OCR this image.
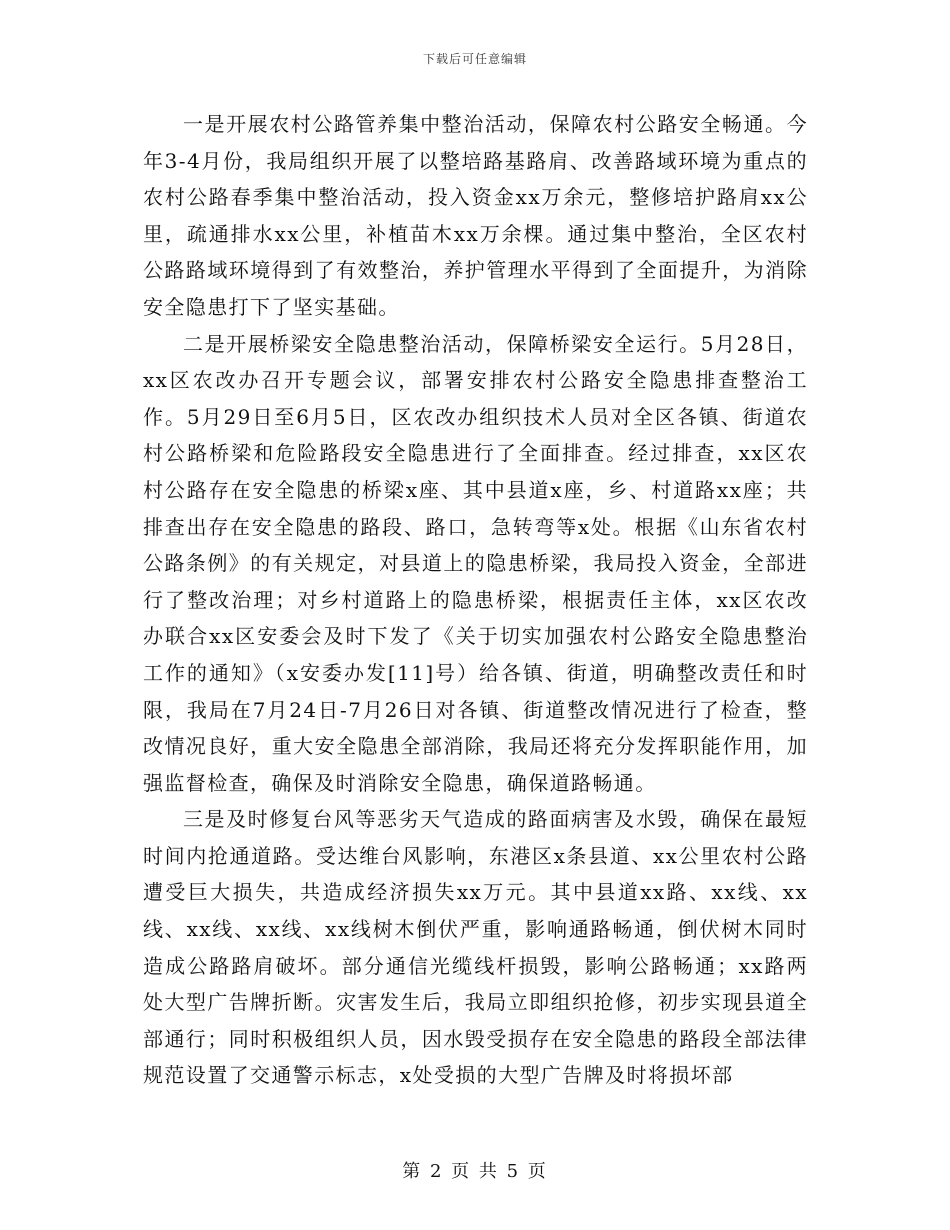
下载后可任意编辑

一是开展农村公路管养集中整治活动，保障农村公路安全畅通。今年3-4月份，我局组织开展了以整培路基路肩、改善路域环境为重点的农村公路春季集中整治活动，投入资金xx万余元，整修培护路肩xx公里，疏通排水xx公里，补植苗木xx万余棵。通过集中整治，全区农村公路路域环境得到了有效整治，养护管理水平得到了全面提升，为消除安全隐患打下了坚实基础。

二是开展桥梁安全隐患整治活动，保障桥梁安全运行。5月28日，xx区农改办召开专题会议，部署安排农村公路安全隐患排查整治工作。5月29日至6月5日，区农改办组织技术人员对全区各镇、街道农村公路桥梁和危险路段安全隐患进行了全面排查。经过排查，xx区农村公路存在安全隐患的桥梁x座、其中县道x座，乡、村道路xx座；共排查出存在安全隐患的路段、路口，急转弯等x处。根据《山东省农村公路条例》的有关规定，对县道上的隐患桥梁，我局投入资金，全部进行了整改治理；对乡村道路上的隐患桥梁，根据责任主体，xx区农改办联合xx区安委会及时下发了《关于切实加强农村公路安全隐患整治工作的通知》（x安委办发[11]号）给各镇、街道，明确整改责任和时限，我局在7月24日-7月26日对各镇、街道整改情况进行了检查，整改情况良好，重大安全隐患全部消除，我局还将充分发挥职能作用，加强监督检查，确保及时消除安全隐患，确保道路畅通。

三是及时修复台风等恶劣天气造成的路面病害及水毁，确保在最短时间内抢通道路。受达维台风影响，东港区x条县道、xx公里农村公路遭受巨大损失，共造成经济损失xx万元。其中县道xx路、xx线、xx线、xx线、xx线、xx线树木倒伏严重，影响通路畅通，倒伏树木同时造成公路路肩破坏。部分通信光缆线杆损毁，影响公路畅通；xx路两处大型广告牌折断。灾害发生后，我局立即组织抢修，初步实现县道全部通行；同时积极组织人员，因水毁受损存在安全隐患的路段全部法律规范设置了交通警示标志，x处受损的大型广告牌及时将损坏部

第 2 页 共 5 页
